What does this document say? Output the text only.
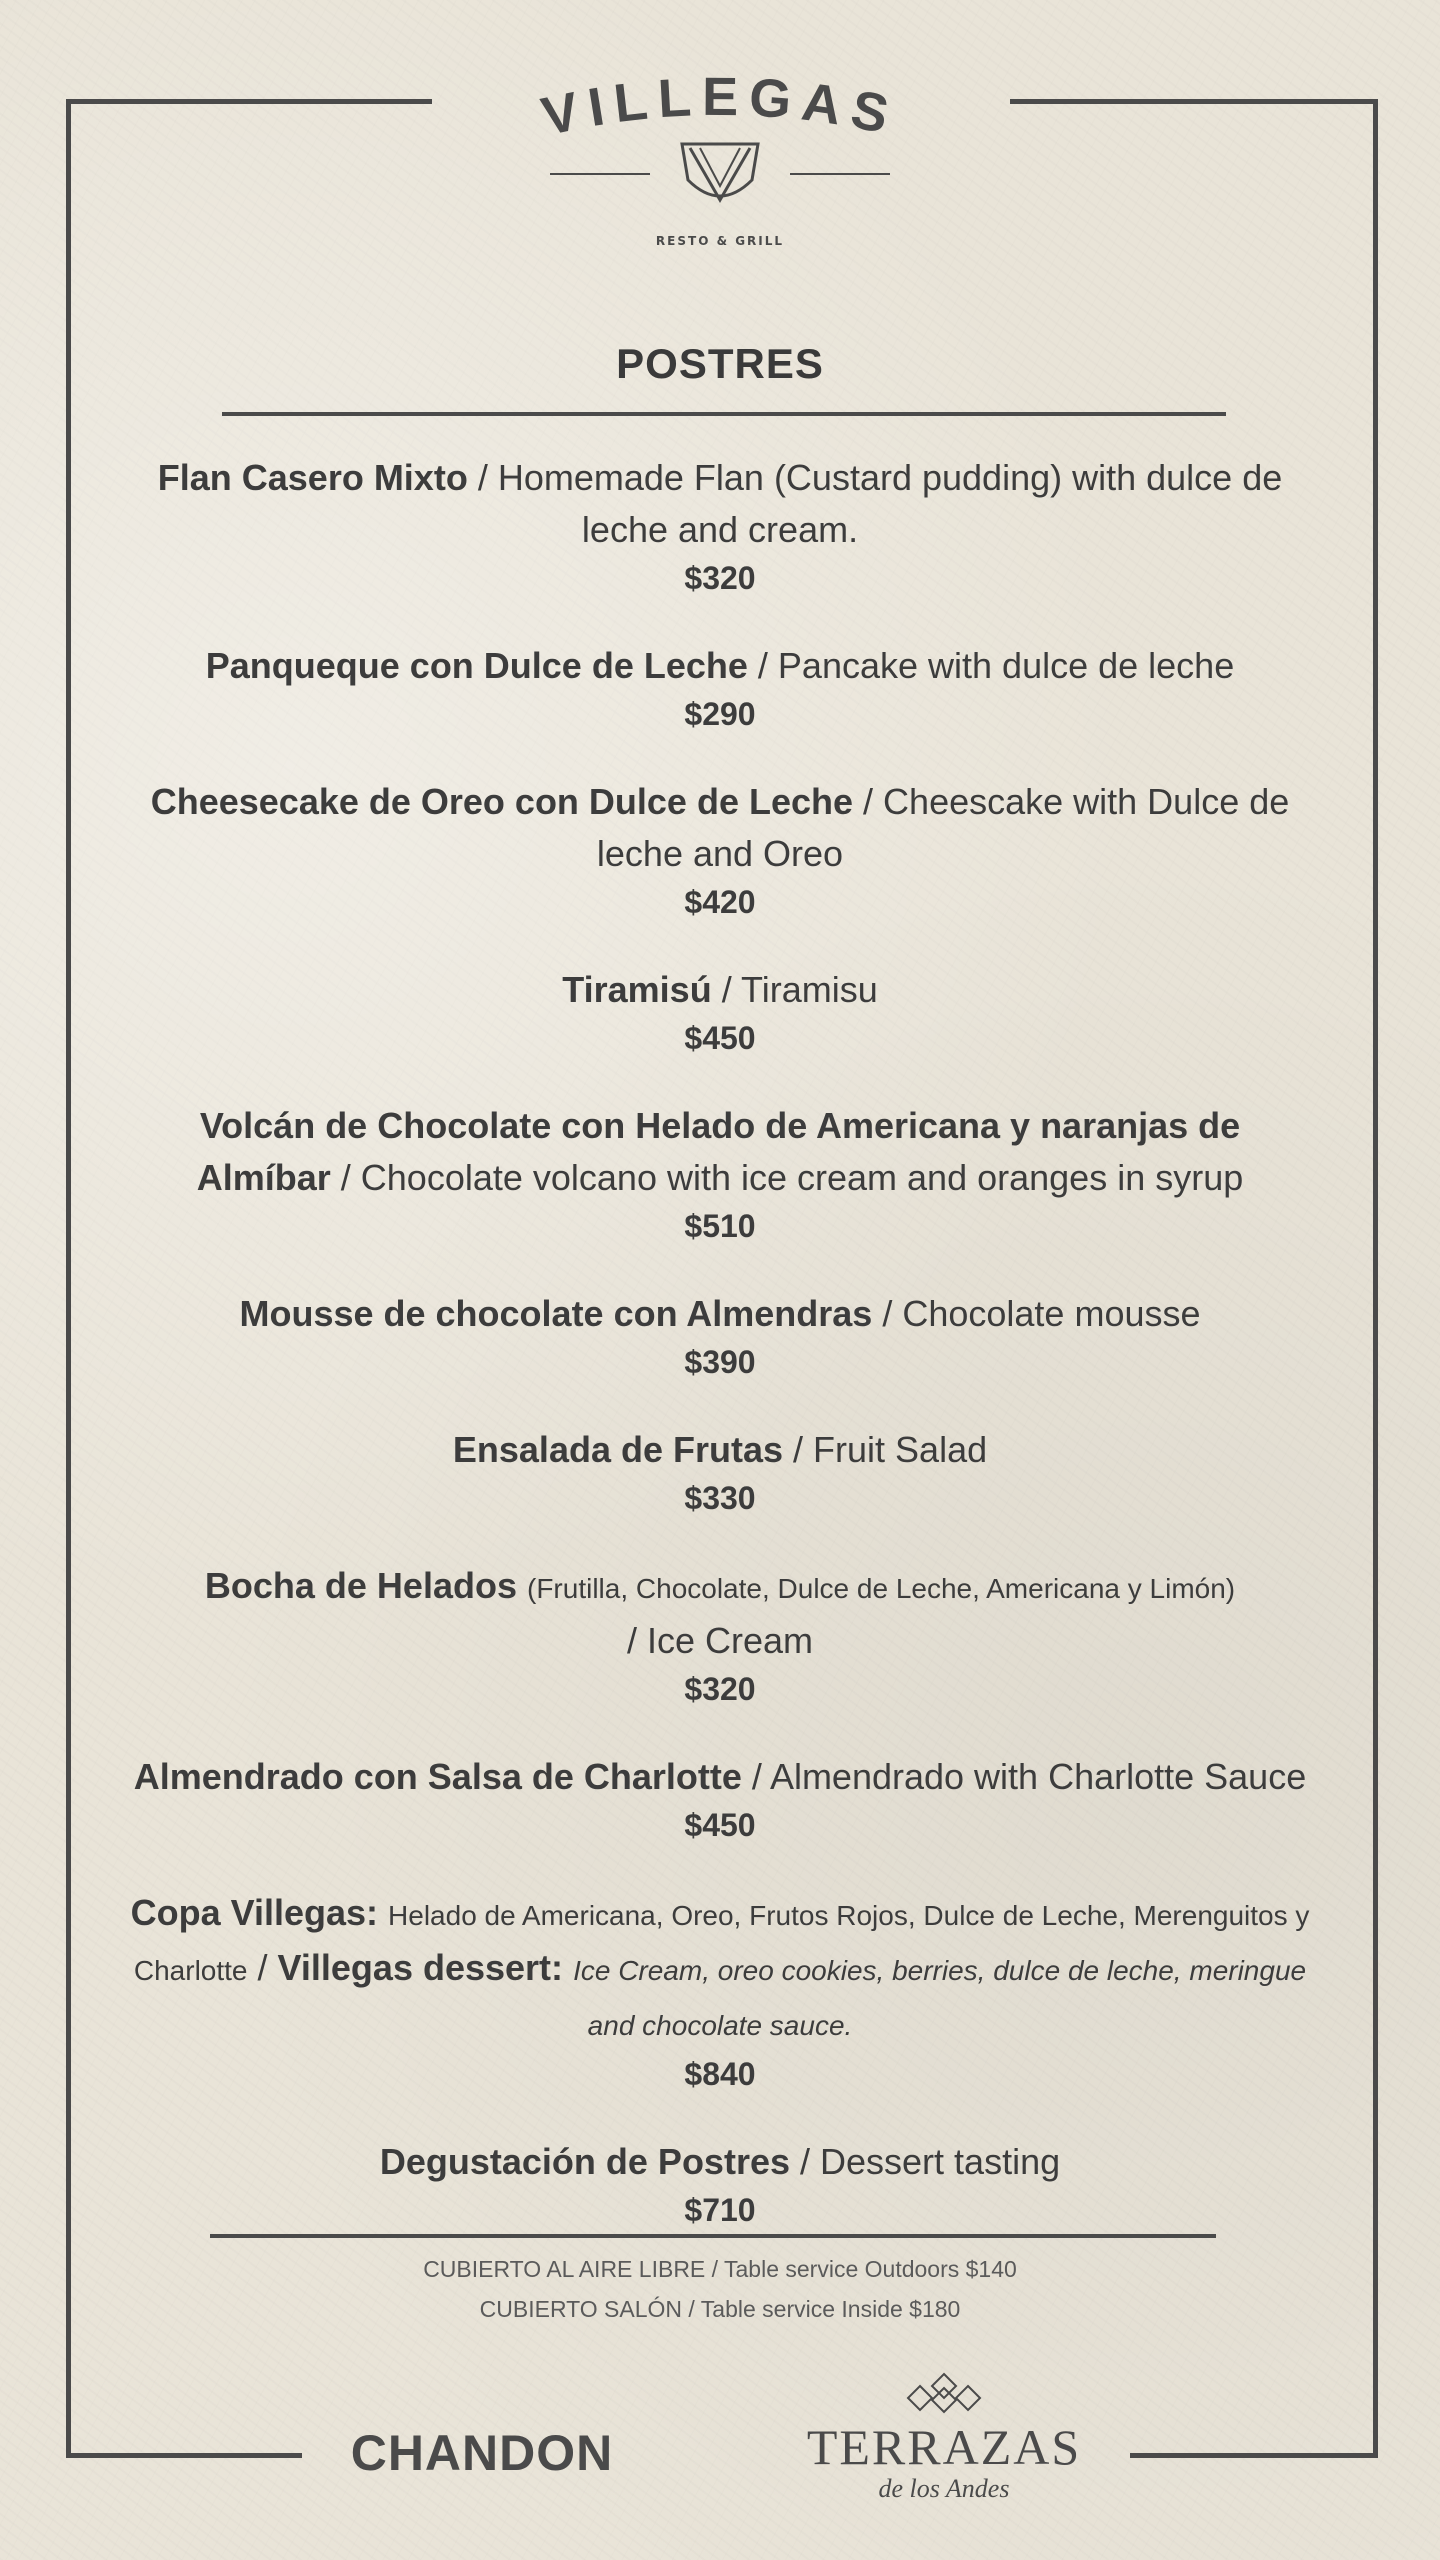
VILLEGAS
RESTO & GRILL
POSTRES
Flan Casero Mixto / Homemade Flan (Custard pudding) with dulce de leche and cream.
$320
Panqueque con Dulce de Leche / Pancake with dulce de leche
$290
Cheesecake de Oreo con Dulce de Leche / Cheescake with Dulce de leche and Oreo
$420
Tiramisú / Tiramisu
$450
Volcán de Chocolate con Helado de Americana y naranjas de Almíbar / Chocolate volcano with ice cream and oranges in syrup
$510
Mousse de chocolate con Almendras / Chocolate mousse
$390
Ensalada de Frutas / Fruit Salad
$330
Bocha de Helados (Frutilla, Chocolate, Dulce de Leche, Americana y Limón)
/ Ice Cream
$320
Almendrado con Salsa de Charlotte / Almendrado with Charlotte Sauce
$450
Copa Villegas: Helado de Americana, Oreo, Frutos Rojos, Dulce de Leche, Merenguitos y Charlotte / Villegas dessert: Ice Cream, oreo cookies, berries, dulce de leche, meringue and chocolate sauce.
$840
Degustación de Postres / Dessert tasting
$710
CUBIERTO AL AIRE LIBRE / Table service Outdoors $140
CUBIERTO SALÓN / Table service Inside $180
CHANDON	TERRAZAS
de los Andes
